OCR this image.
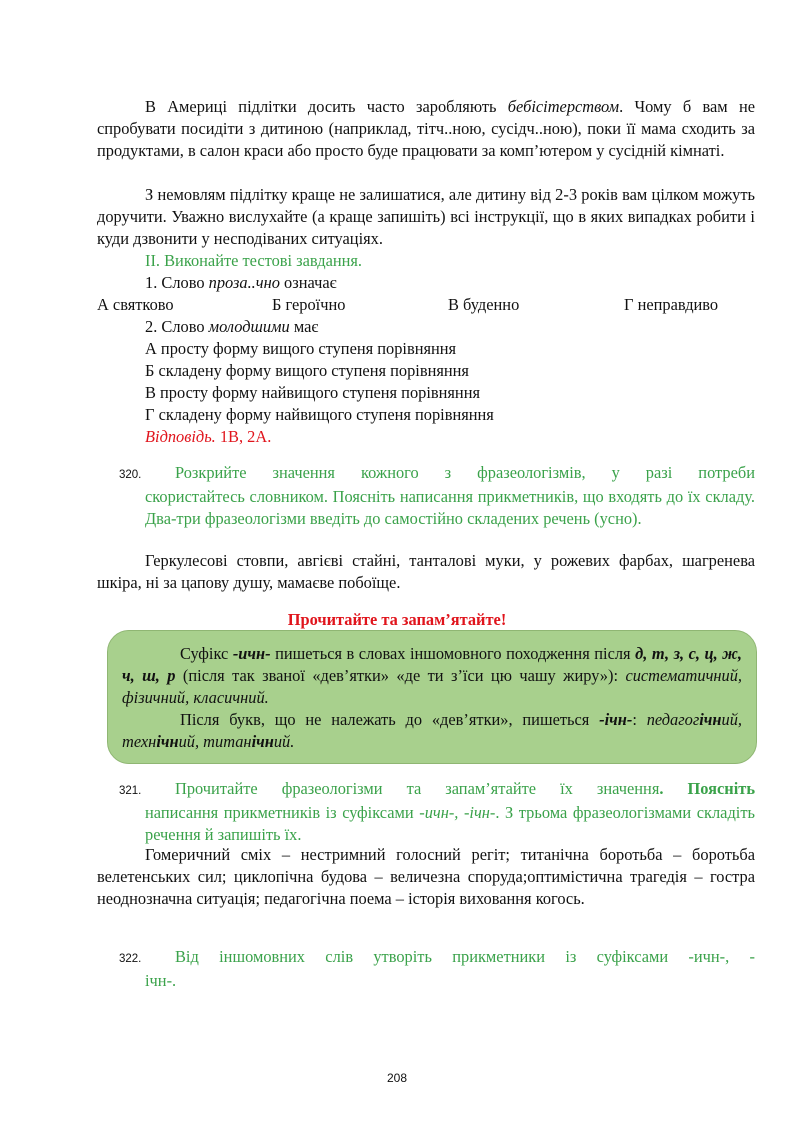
В Америці підлітки досить часто заробляють бебісітерством. Чому б вам не спробувати посидіти з дитиною (наприклад, тітч..ною, сусідч..ною), поки її мама сходить за продуктами, в салон краси або просто буде працювати за комп’ютером у сусідній кімнаті.
З немовлям підлітку краще не залишатися, але дитину від 2-3 років вам цілком можуть доручити. Уважно вислухайте (а краще запишіть) всі інструкції, що в яких випадках робити і куди дзвонити у несподіваних ситуаціях.
ІІ. Виконайте тестові завдання.
1. Слово проза..чно означає
А святково	Б героїчно	В буденно	Г неправдиво
2. Слово молодшими має
А просту форму вищого ступеня порівняння
Б складену форму вищого ступеня порівняння
В просту форму найвищого ступеня порівняння
Г складену форму найвищого ступеня порівняння
Відповідь. 1В, 2А.
320. Розкрийте значення кожного з фразеологізмів, у разі потреби
скористайтесь словником. Поясніть написання прикметників, що входять до їх складу. Два-три фразеологізми введіть до самостійно складених речень (усно).
Геркулесові стовпи, авгієві стайні, танталові муки, у рожевих фарбах, шагренева шкіра, ні за цапову душу, мамаєве побоїще.
Прочитайте та запам’ятайте!
Суфікс -ичн- пишеться в словах іншомовного походження після д, т, з, с, ц, ж, ч, ш, р (після так званої «дев’ятки» «де ти з’їси цю чашу жиру»): систематичний, фізичний, класичний.
Після букв, що не належать до «дев’ятки», пишеться -ічн-: педагогічний, технічний, титанічний.
321. Прочитайте фразеологізми та запам’ятайте їх значення. Поясніть
написання прикметників із суфіксами -ичн-, -ічн-. З трьома фразеологізмами складіть речення й запишіть їх.
Гомеричний сміх – нестримний голосний регіт; титанічна боротьба – боротьба велетенських сил; циклопічна будова – величезна споруда;оптимістична трагедія – гостра неоднозначна ситуація; педагогічна поема – історія виховання когось.
322. Від іншомовних слів утворіть прикметники із суфіксами -ичн-, -
ічн-.
208
